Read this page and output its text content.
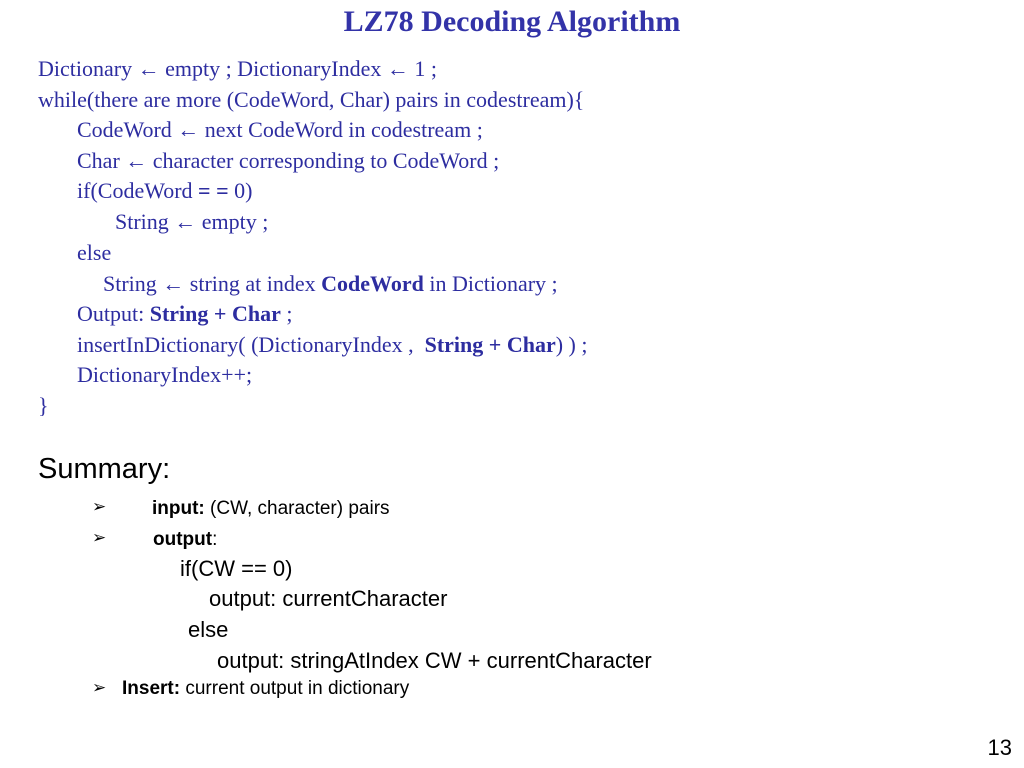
LZ78 Decoding Algorithm
Dictionary ← empty ; DictionaryIndex ← 1 ;
while(there are more (CodeWord, Char) pairs in codestream){
CodeWord ← next CodeWord in codestream ;
Char ← character corresponding to CodeWord ;
if(CodeWord = = 0)
String ← empty ;
else
String ← string at index CodeWord in Dictionary ;
Output: String + Char ;
insertInDictionary( (DictionaryIndex ,  String + Char) ) ;
DictionaryIndex++;
}
Summary:
➢ input: (CW, character) pairs
➢ output:
if(CW == 0)
output: currentCharacter
else
output: stringAtIndex CW + currentCharacter
➢ Insert: current output in dictionary
13
